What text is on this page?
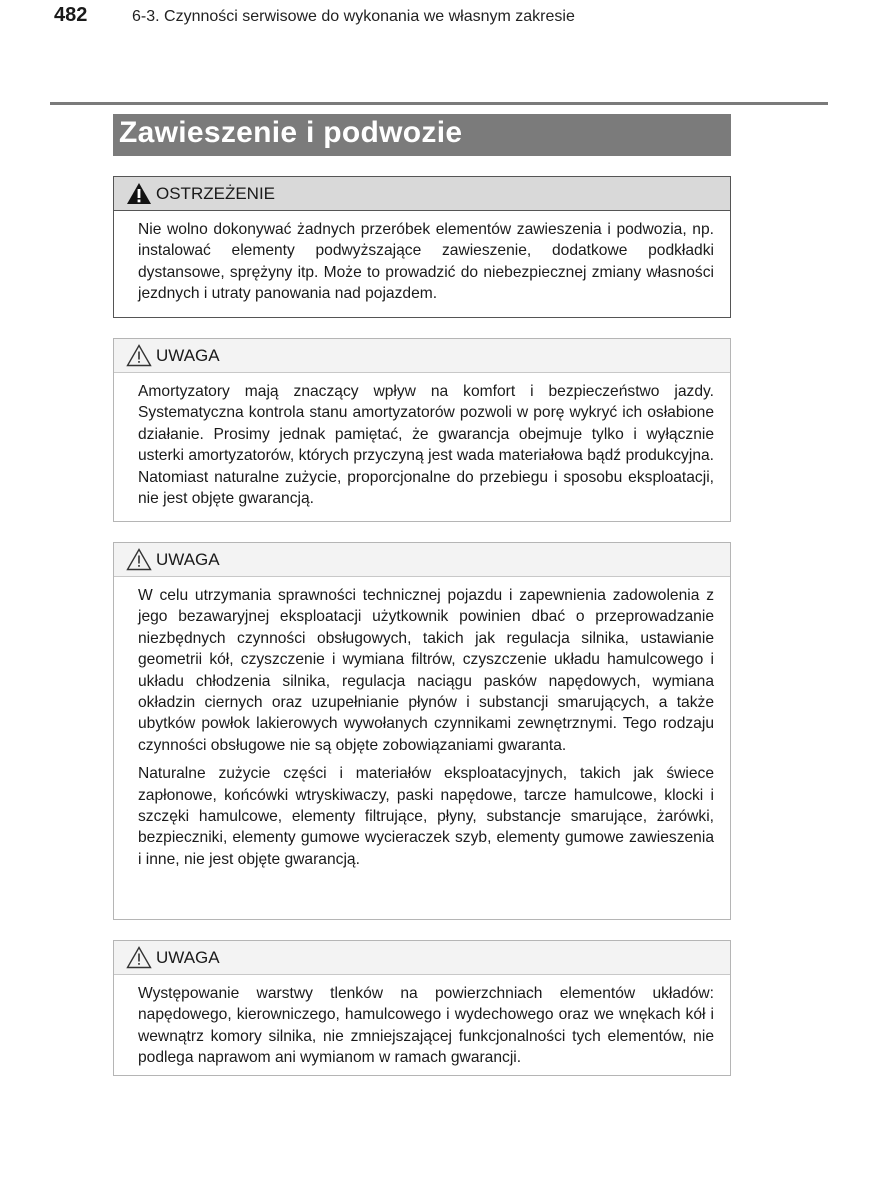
482	6-3. Czynności serwisowe do wykonania we własnym zakresie
Zawieszenie i podwozie
OSTRZEŻENIE

Nie wolno dokonywać żadnych przeróbek elementów zawieszenia i podwozia, np. instalować elementy podwyższające zawieszenie, dodatkowe podkładki dystansowe, sprężyny itp. Może to prowadzić do niebezpiecznej zmiany własności jezdnych i utraty panowania nad pojazdem.

UWAGA

Amortyzatory mają znaczący wpływ na komfort i bezpieczeństwo jazdy. Systematyczna kontrola stanu amortyzatorów pozwoli w porę wykryć ich osłabione działanie. Prosimy jednak pamiętać, że gwarancja obejmuje tylko i wyłącznie usterki amortyzatorów, których przyczyną jest wada materiałowa bądź produkcyjna. Natomiast naturalne zużycie, proporcjonalne do przebiegu i sposobu eksploatacji, nie jest objęte gwarancją.

UWAGA

W celu utrzymania sprawności technicznej pojazdu i zapewnienia zadowolenia z jego bezawaryjnej eksploatacji użytkownik powinien dbać o przeprowadzanie niezbędnych czynności obsługowych, takich jak regulacja silnika, ustawianie geometrii kół, czyszczenie i wymiana filtrów, czyszczenie układu hamulcowego i układu chłodzenia silnika, regulacja naciągu pasków napędowych, wymiana okładzin ciernych oraz uzupełnianie płynów i substancji smarujących, a także ubytków powłok lakierowych wywołanych czynnikami zewnętrznymi. Tego rodzaju czynności obsługowe nie są objęte zobowiązaniami gwaranta.

Naturalne zużycie części i materiałów eksploatacyjnych, takich jak świece zapłonowe, końcówki wtryskiwaczy, paski napędowe, tarcze hamulcowe, klocki i szczęki hamulcowe, elementy filtrujące, płyny, substancje smarujące, żarówki, bezpieczniki, elementy gumowe wycieraczek szyb, elementy gumowe zawieszenia i inne, nie jest objęte gwarancją.

UWAGA

Występowanie warstwy tlenków na powierzchniach elementów układów: napędowego, kierowniczego, hamulcowego i wydechowego oraz we wnękach kół i wewnątrz komory silnika, nie zmniejszającej funkcjonalności tych elementów, nie podlega naprawom ani wymianom w ramach gwarancji.
